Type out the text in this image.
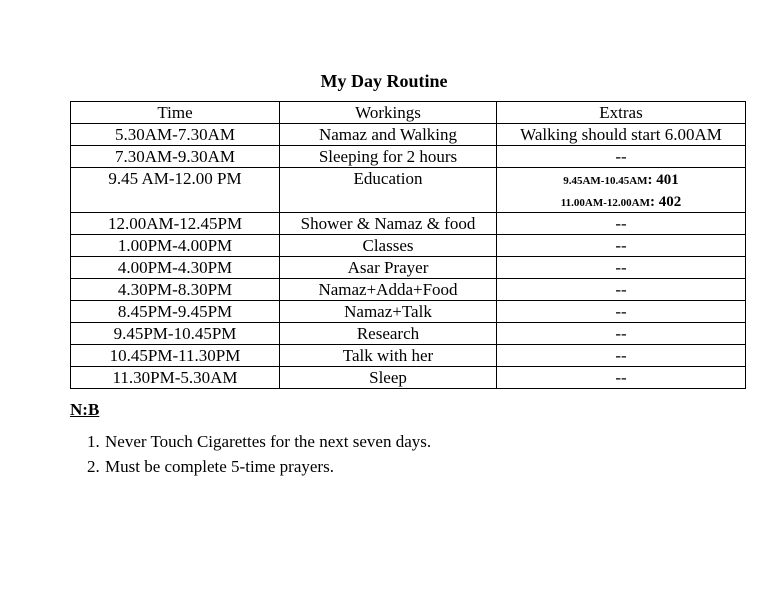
My Day Routine
Time	Workings	Extras
5.30AM-7.30AM	Namaz and Walking	Walking should start 6.00AM
7.30AM-9.30AM	Sleeping for 2 hours	--
9.45 AM-12.00 PM	Education	9.45AM-10.45AM: 401
11.00AM-12.00AM: 402

12.00AM-12.45PM	Shower & Namaz & food	--
1.00PM-4.00PM	Classes	--
4.00PM-4.30PM	Asar Prayer	--
4.30PM-8.30PM	Namaz+Adda+Food	--
8.45PM-9.45PM	Namaz+Talk	--
9.45PM-10.45PM	Research	--
10.45PM-11.30PM	Talk with her	--
11.30PM-5.30AM	Sleep	--
N:B
1. Never Touch Cigarettes for the next seven days.
2. Must be complete 5-time prayers.
